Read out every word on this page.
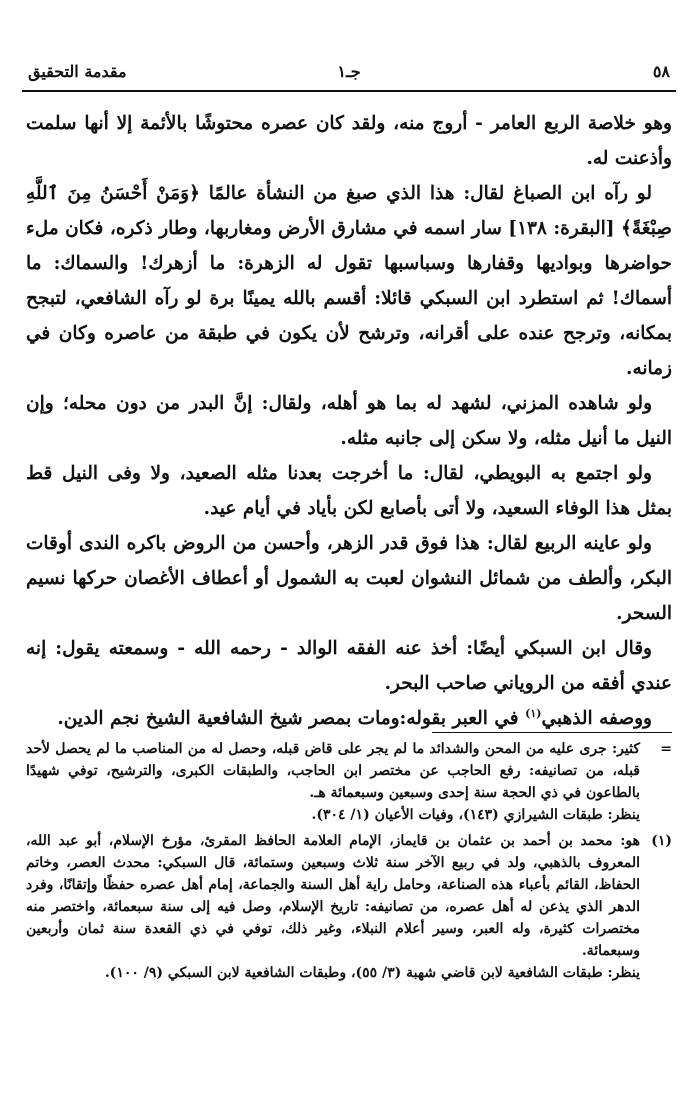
٥٨
جـ١
مقدمة التحقيق

وهو خلاصة الربع العامر - أروج منه، ولقد كان عصره محتوشًا بالأئمة إلا أنها سلمت وأذعنت له.

لو رآه ابن الصباغ لقال: هذا الذي صبغ من النشأة عالمًا ﴿وَمَنْ أَحْسَنُ مِنَ ٱللَّهِ صِبْغَةً﴾ [البقرة: ١٣٨] سار اسمه في مشارق الأرض ومغاربها، وطار ذكره، فكان ملء حواضرها وبواديها وقفارها وسباسبها تقول له الزهرة: ما أزهرك! والسماك: ما أسماك! ثم استطرد ابن السبكي قائلا: أقسم بالله يمينًا برة لو رآه الشافعي، لتبجح بمكانه، وترجح عنده على أقرانه، وترشح لأن يكون في طبقة من عاصره وكان في زمانه.

ولو شاهده المزني، لشهد له بما هو أهله، ولقال: إنَّ البدر من دون محله؛ وإن النيل ما أنيل مثله، ولا سكن إلى جانبه مثله.

ولو اجتمع به البويطي، لقال: ما أخرجت بعدنا مثله الصعيد، ولا وفى النيل قط بمثل هذا الوفاء السعيد، ولا أتى بأصابع لكن بأياد في أيام عيد.

ولو عاينه الربيع لقال: هذا فوق قدر الزهر، وأحسن من الروض باكره الندى أوقات البكر، وألطف من شمائل النشوان لعبت به الشمول أو أعطاف الأغصان حركها نسيم السحر.

وقال ابن السبكي أيضًا: أخذ عنه الفقه الوالد - رحمه الله - وسمعته يقول: إنه عندي أفقه من الروياني صاحب البحر.

ووصفه الذهبي$^{(١)}$ في العبر بقوله:ومات بمصر شيخ الشافعية الشيخ نجم الدين.

=

كثير: جرى عليه من المحن والشدائد ما لم يجر على قاض قبله، وحصل له من المناصب ما لم يحصل لأحد قبله، من تصانيفه: رفع الحاجب عن مختصر ابن الحاجب، والطبقات الكبرى، والترشيح، توفي شهيدًا بالطاعون في ذي الحجة سنة إحدى وسبعين وسبعمائة هـ.

ينظر: طبقات الشيرازي (١٤٣)، وفيات الأعيان (١/ ٣٠٤).

(١)

هو: محمد بن أحمد بن عثمان بن قايماز، الإمام العلامة الحافظ المقرئ، مؤرخ الإسلام، أبو عبد الله، المعروف بالذهبي، ولد في ربيع الآخر سنة ثلاث وسبعين وستمائة، قال السبكي: محدث العصر، وخاتم الحفاظ، القائم بأعباء هذه الصناعة، وحامل راية أهل السنة والجماعة، إمام أهل عصره حفظًا وإتقانًا، وفرد الدهر الذي يذعن له أهل عصره، من تصانيفه: تاريخ الإسلام، وصل فيه إلى سنة سبعمائة، واختصر منه مختصرات كثيرة، وله العبر، وسير أعلام النبلاء، وغير ذلك، توفي في ذي القعدة سنة ثمان وأربعين وسبعمائة.

ينظر: طبقات الشافعية لابن قاضي شهبة (٣/ ٥٥)، وطبقات الشافعية لابن السبكي (٩/ ١٠٠).
